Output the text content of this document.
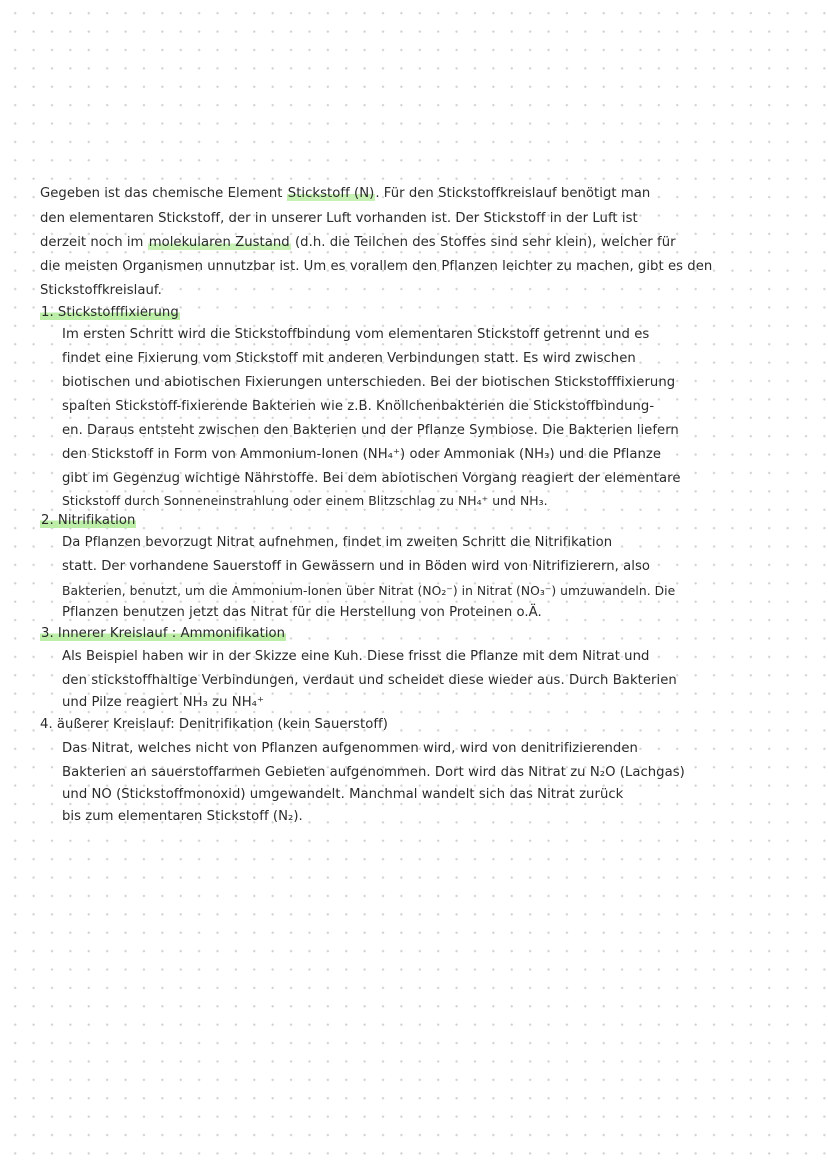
Gegeben ist das chemische Element Stickstoff (N). Für den Stickstoffkreislauf benötigt man
den elementaren Stickstoff, der in unserer Luft vorhanden ist. Der Stickstoff in der Luft ist
derzeit noch im molekularen Zustand (d.h. die Teilchen des Stoffes sind sehr klein), welcher für
die meisten Organismen unnutzbar ist. Um es vorallem den Pflanzen leichter zu machen, gibt es den
Stickstoffkreislauf.
1. Stickstofffixierung
Im ersten Schritt wird die Stickstoffbindung vom elementaren Stickstoff getrennt und es
findet eine Fixierung vom Stickstoff mit anderen Verbindungen statt. Es wird zwischen
biotischen und abiotischen Fixierungen unterschieden. Bei der biotischen Stickstofffixierung
spalten Stickstoff-fixierende Bakterien wie z.B. Knöllchenbakterien die Stickstoffbindung-
en. Daraus entsteht zwischen den Bakterien und der Pflanze Symbiose. Die Bakterien liefern
den Stickstoff in Form von Ammonium-Ionen (NH₄⁺) oder Ammoniak (NH₃) und die Pflanze
gibt im Gegenzug wichtige Nährstoffe. Bei dem abiotischen Vorgang reagiert der elementare
Stickstoff durch Sonneneinstrahlung oder einem Blitzschlag zu NH₄⁺ und NH₃.
2. Nitrifikation
Da Pflanzen bevorzugt Nitrat aufnehmen, findet im zweiten Schritt die Nitrifikation
statt. Der vorhandene Sauerstoff in Gewässern und in Böden wird von Nitrifizierern, also
Bakterien, benutzt, um die Ammonium-Ionen über Nitrat (NO₂⁻) in Nitrat (NO₃⁻) umzuwandeln. Die
Pflanzen benutzen jetzt das Nitrat für die Herstellung von Proteinen o.Ä.
3. Innerer Kreislauf : Ammonifikation
Als Beispiel haben wir in der Skizze eine Kuh. Diese frisst die Pflanze mit dem Nitrat und
den stickstoffhaltige Verbindungen, verdaut und scheidet diese wieder aus. Durch Bakterien
und Pilze reagiert NH₃ zu NH₄⁺
4. äußerer Kreislauf: Denitrifikation (kein Sauerstoff)
Das Nitrat, welches nicht von Pflanzen aufgenommen wird, wird von denitrifizierenden
Bakterien an sauerstoffarmen Gebieten aufgenommen. Dort wird das Nitrat zu N₂O (Lachgas)
und NO (Stickstoffmonoxid) umgewandelt. Manchmal wandelt sich das Nitrat zurück
bis zum elementaren Stickstoff (N₂).
